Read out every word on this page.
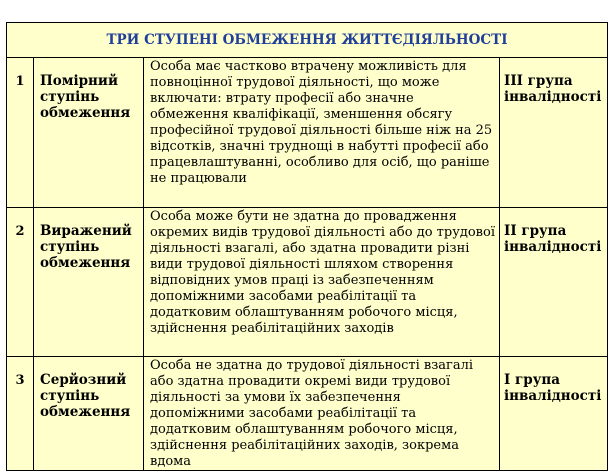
ТРИ СТУПЕНІ ОБМЕЖЕННЯ ЖИТТЄДІЯЛЬНОСТІ			
1	Помірний ступінь обмеження	Особа має частково втрачену можливість для повноцінної трудової діяльності, що може включати: втрату професії або значне обмеження кваліфікації, зменшення обсягу професійної трудової діяльності більше ніж на 25 відсотків, значні труднощі в набутті професії або працевлаштуванні, особливо для осіб, що раніше не працювали	III група інвалідності
2	Виражений ступінь обмеження	Особа може бути не здатна до провадження окремих видів трудової діяльності або до трудової діяльності взагалі, або здатна провадити різні види трудової діяльності шляхом створення відповідних умов праці із забезпеченням допоміжними засобами реабілітації та додатковим облаштуванням робочого місця, здійснення реабілітаційних заходів	II група інвалідності
3	Серйозний ступінь обмеження	Особа не здатна до трудової діяльності взагалі або здатна провадити окремі види трудової діяльності за умови їх забезпечення допоміжними засобами реабілітації та додатковим облаштуванням робочого місця, здійснення реабілітаційних заходів, зокрема вдома	I група інвалідності
